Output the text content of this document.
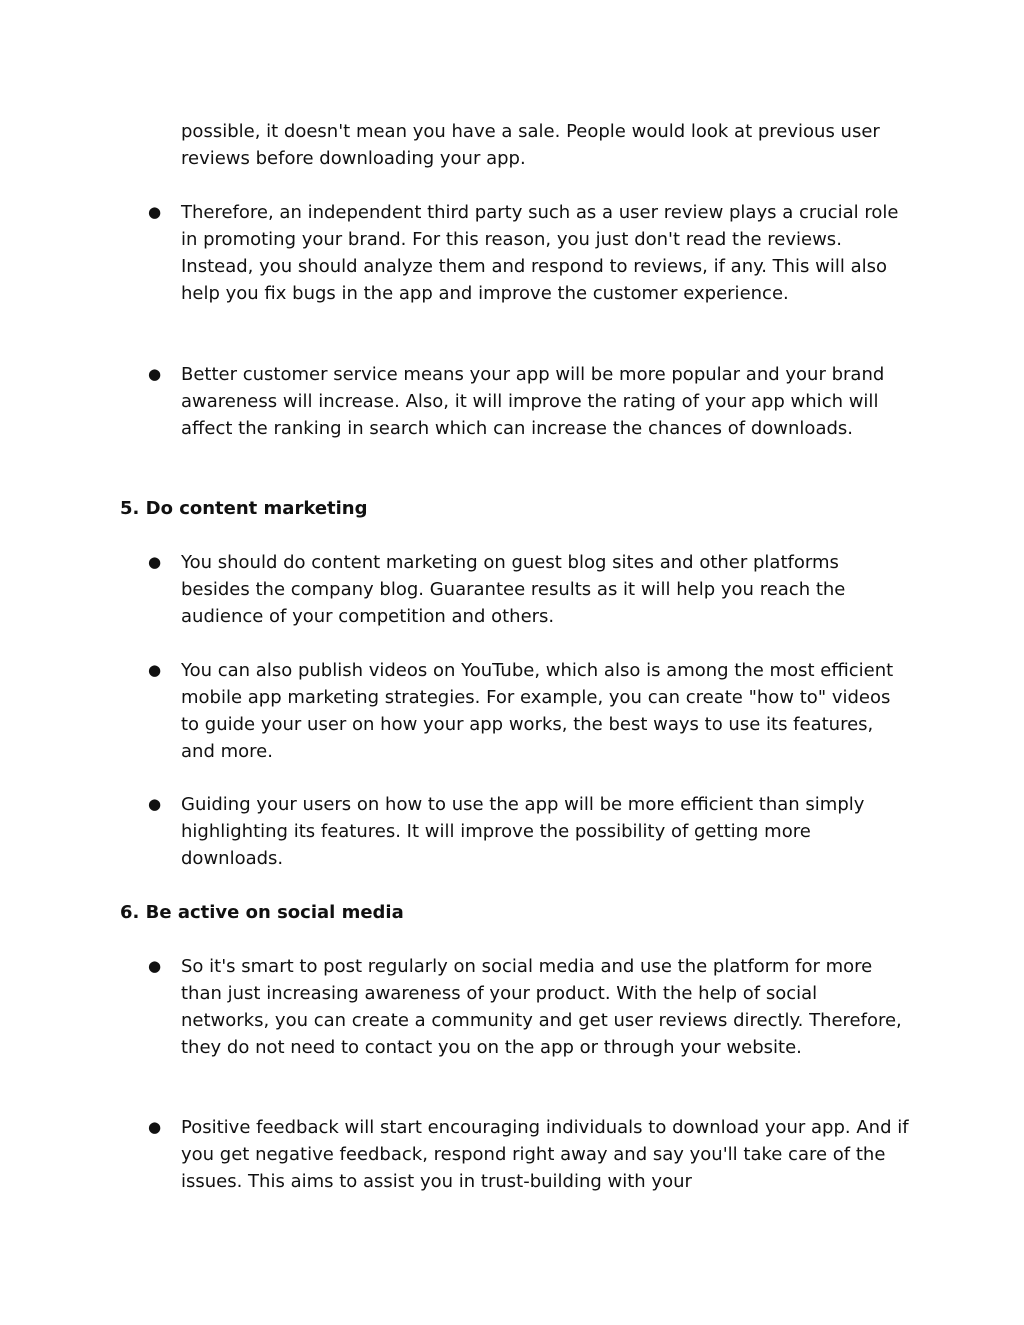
possible, it doesn't mean you have a sale. People would look at previous user reviews before downloading your app.

●	Therefore, an independent third party such as a user review plays a crucial role in promoting your brand. For this reason, you just don't read the reviews. Instead, you should analyze them and respond to reviews, if any. This will also help you fix bugs in the app and improve the customer experience.

●	Better customer service means your app will be more popular and your brand awareness will increase. Also, it will improve the rating of your app which will affect the ranking in search which can increase the chances of downloads.

5. Do content marketing
●	You should do content marketing on guest blog sites and other platforms besides the company blog. Guarantee results as it will help you reach the audience of your competition and others.

●	You can also publish videos on YouTube, which also is among the most efficient mobile app marketing strategies. For example, you can create "how to" videos to guide your user on how your app works, the best ways to use its features, and more.

●	Guiding your users on how to use the app will be more efficient than simply highlighting its features. It will improve the possibility of getting more downloads.

6. Be active on social media
●	So it's smart to post regularly on social media and use the platform for more than just increasing awareness of your product. With the help of social networks, you can create a community and get user reviews directly. Therefore, they do not need to contact you on the app or through your website.

●	Positive feedback will start encouraging individuals to download your app. And if you get negative feedback, respond right away and say you'll take care of the issues. This aims to assist you in trust-building with your
